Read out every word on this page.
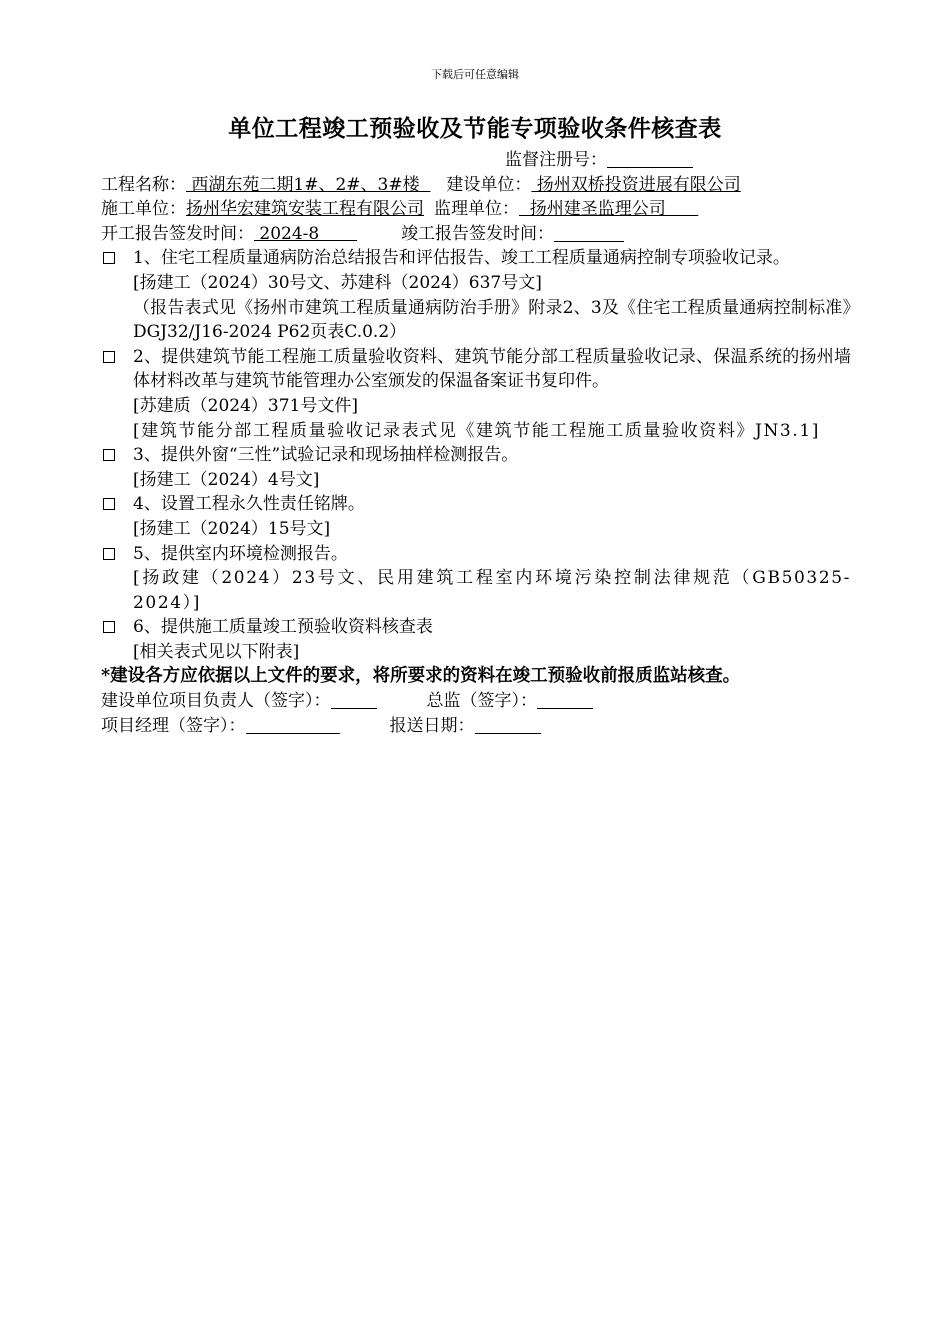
下载后可任意编辑
单位工程竣工预验收及节能专项验收条件核查表
监督注册号：
工程名称： 西湖东苑二期1#、2#、3#楼  建设单位： 扬州双桥投资进展有限公司
施工单位：扬州华宏建筑安装工程有限公司 监理单位：  扬州建圣监理公司
开工报告签发时间： 2024-8	竣工报告签发时间：
1、住宅工程质量通病防治总结报告和评估报告、竣工工程质量通病控制专项验收记录。
[扬建工（2024）30号文、苏建科（2024）637号文]
（报告表式见《扬州市建筑工程质量通病防治手册》附录2、3及《住宅工程质量通病控制标准》DGJ32/J16-2024 P62页表C.0.2）
2、提供建筑节能工程施工质量验收资料、建筑节能分部工程质量验收记录、保温系统的扬州墙体材料改革与建筑节能管理办公室颁发的保温备案证书复印件。
[苏建质（2024）371号文件]
[建筑节能分部工程质量验收记录表式见《建筑节能工程施工质量验收资料》JN3.1]
3、提供外窗“三性”试验记录和现场抽样检测报告。
[扬建工（2024）4号文]
4、设置工程永久性责任铭牌。
[扬建工（2024）15号文]
5、提供室内环境检测报告。
[扬政建（2024）23号文、民用建筑工程室内环境污染控制法律规范（GB50325-2024）]
6、提供施工质量竣工预验收资料核查表
[相关表式见以下附表]
*建设各方应依据以上文件的要求，将所要求的资料在竣工预验收前报质监站核查。
建设单位项目负责人（签字）：	总监（签字）：
项目经理（签字）：	报送日期：
